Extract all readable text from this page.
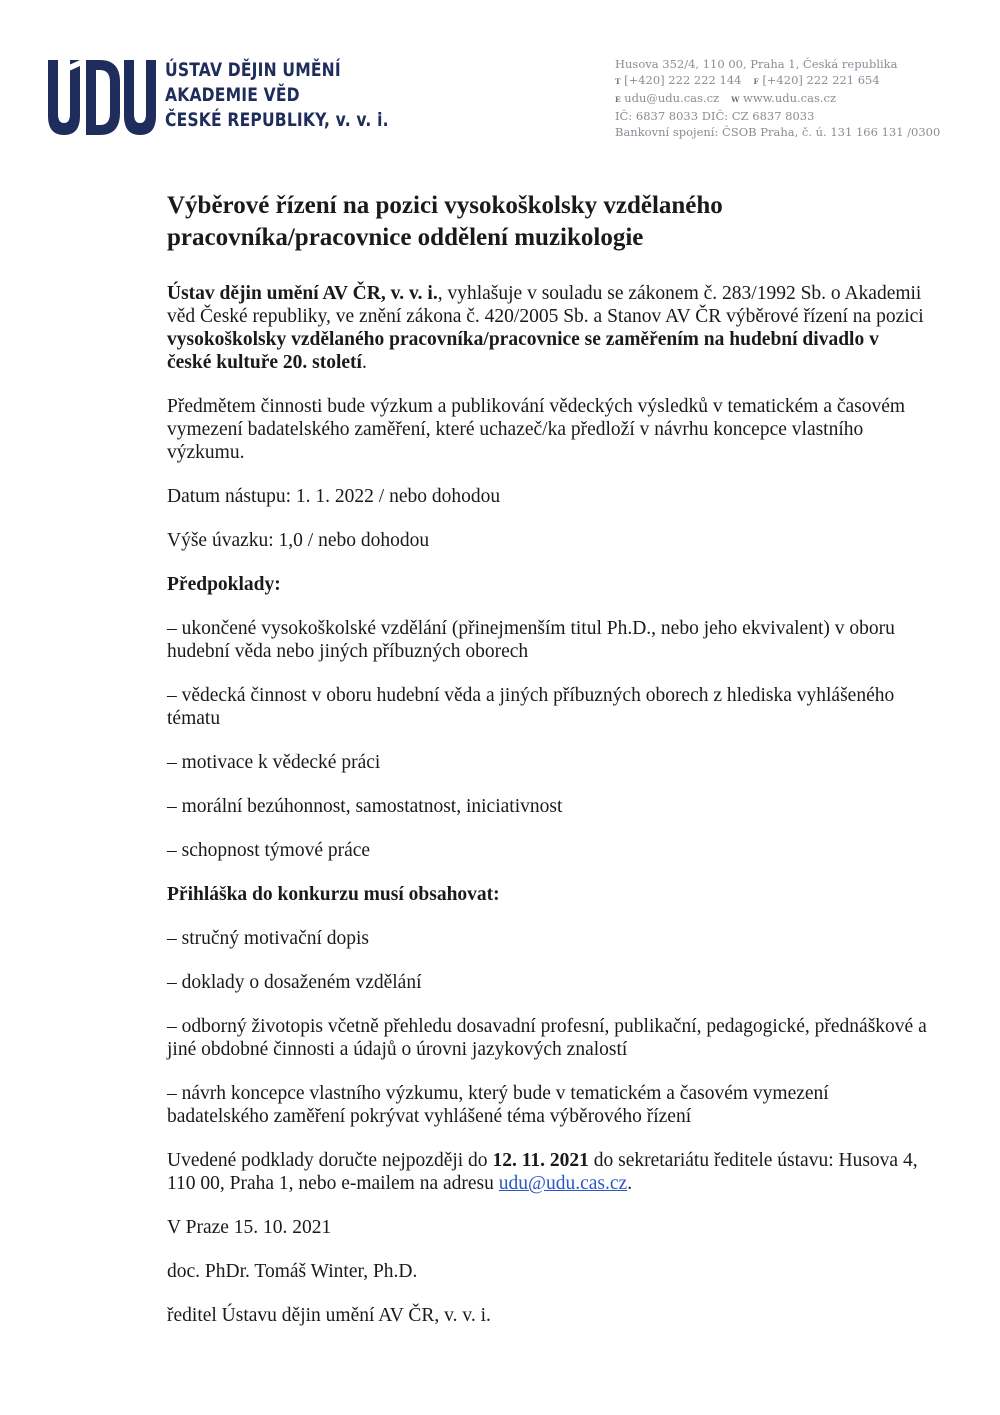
ÚSTAV DĚJIN UMĚNÍ
AKADEMIE VĚD
ČESKÉ REPUBLIKY, v. v. i.
Husova 352/4, 110 00, Praha 1, Česká republika
T [+420] 222 222 144 F [+420] 222 221 654
E udu@udu.cas.cz W www.udu.cas.cz
IČ: 6837 8033 DIČ: CZ 6837 8033
Bankovní spojení: ČSOB Praha, č. ú. 131 166 131 /0300
Výběrové řízení na pozici vysokoškolsky vzdělaného pracovníka/pracovnice oddělení muzikologie

Ústav dějin umění AV ČR, v. v. i., vyhlašuje v souladu se zákonem č. 283/1992 Sb. o Akademii věd České republiky, ve znění zákona č. 420/2005 Sb. a Stanov AV ČR výběrové řízení na pozici vysokoškolsky vzdělaného pracovníka/pracovnice se zaměřením na hudební divadlo v české kultuře 20. století.

Předmětem činnosti bude výzkum a publikování vědeckých výsledků v tematickém a časovém vymezení badatelského zaměření, které uchazeč/ka předloží v návrhu koncepce vlastního výzkumu.

Datum nástupu: 1. 1. 2022 / nebo dohodou

Výše úvazku: 1,0 / nebo dohodou

Předpoklady:

– ukončené vysokoškolské vzdělání (přinejmenším titul Ph.D., nebo jeho ekvivalent) v oboru hudební věda nebo jiných příbuzných oborech

– vědecká činnost v oboru hudební věda a jiných příbuzných oborech z hlediska vyhlášeného tématu

– motivace k vědecké práci

– morální bezúhonnost, samostatnost, iniciativnost

– schopnost týmové práce

Přihláška do konkurzu musí obsahovat:

– stručný motivační dopis

– doklady o dosaženém vzdělání

– odborný životopis včetně přehledu dosavadní profesní, publikační, pedagogické, přednáškové a jiné obdobné činnosti a údajů o úrovni jazykových znalostí

– návrh koncepce vlastního výzkumu, který bude v tematickém a časovém vymezení badatelského zaměření pokrývat vyhlášené téma výběrového řízení

Uvedené podklady doručte nejpozději do 12. 11. 2021 do sekretariátu ředitele ústavu: Husova 4, 110 00, Praha 1, nebo e-mailem na adresu udu@udu.cas.cz.

V Praze 15. 10. 2021

doc. PhDr. Tomáš Winter, Ph.D.

ředitel Ústavu dějin umění AV ČR, v. v. i.
